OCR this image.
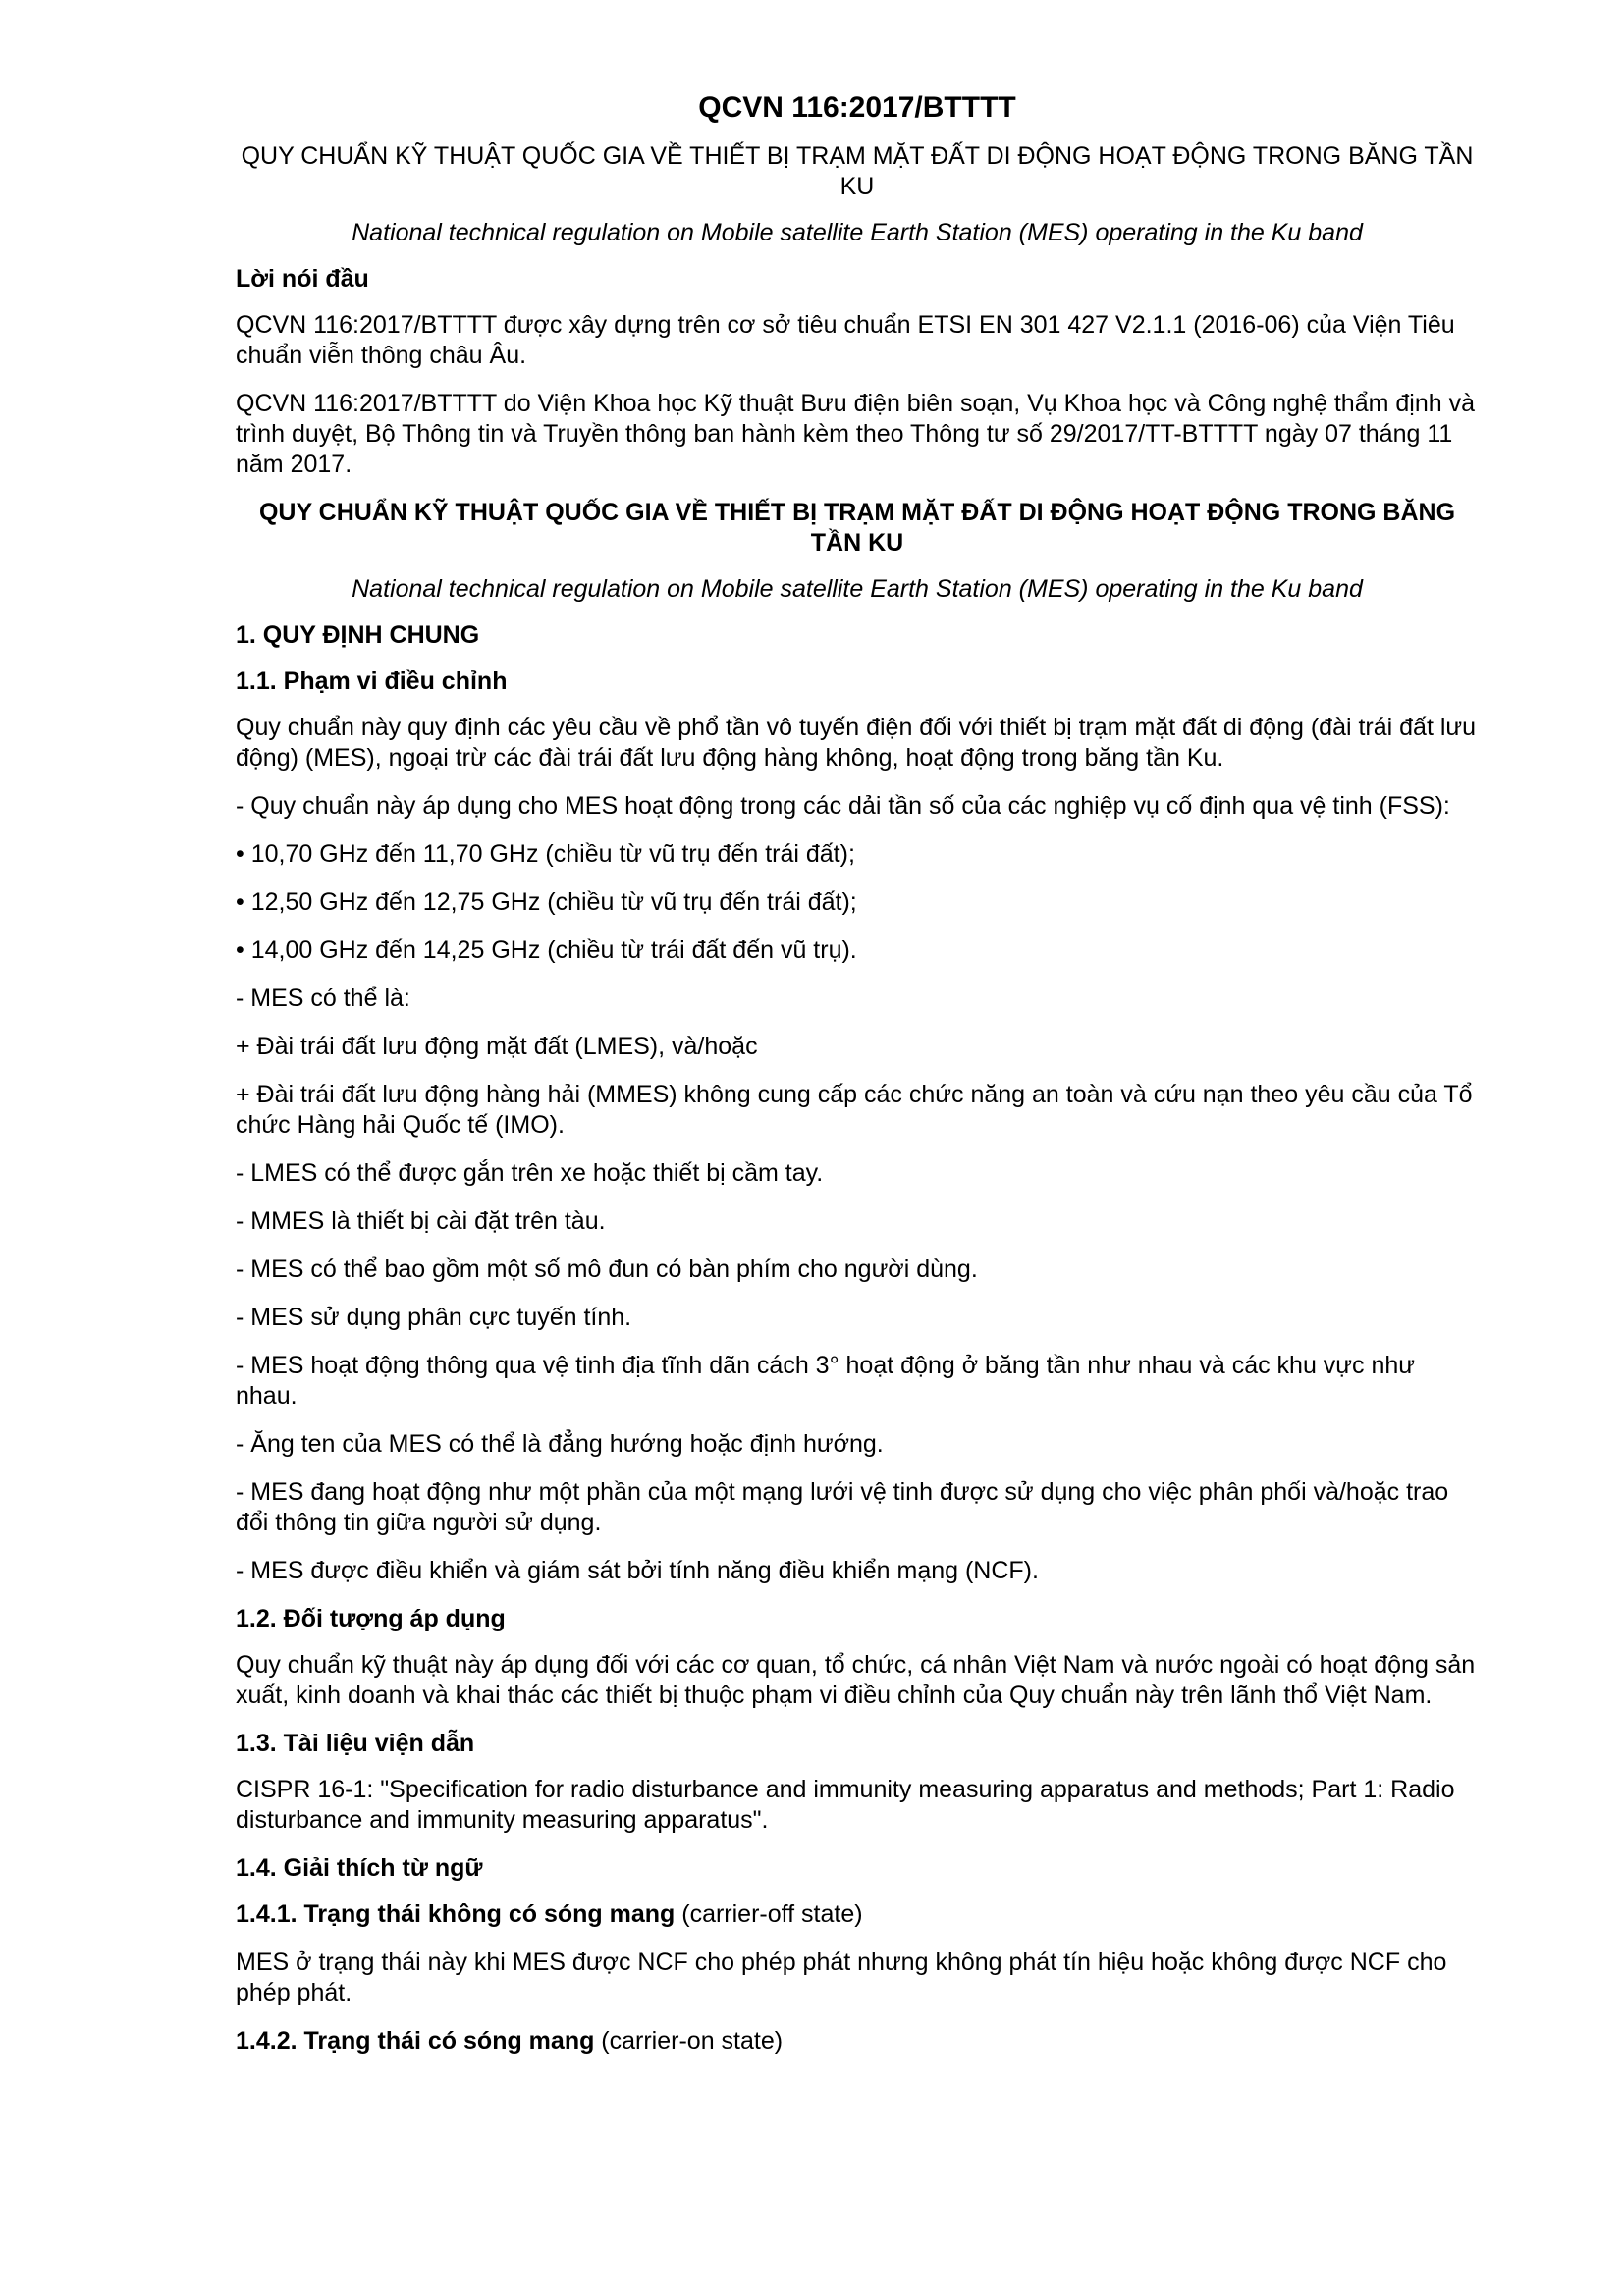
QCVN 116:2017/BTTTT
QUY CHUẨN KỸ THUẬT QUỐC GIA VỀ THIẾT BỊ TRẠM MẶT ĐẤT DI ĐỘNG HOẠT ĐỘNG TRONG BĂNG TẦN KU
National technical regulation on Mobile satellite Earth Station (MES) operating in the Ku band
Lời nói đầu

QCVN 116:2017/BTTTT được xây dựng trên cơ sở tiêu chuẩn ETSI EN 301 427 V2.1.1 (2016-06) của Viện Tiêu chuẩn viễn thông châu Âu.

QCVN 116:2017/BTTTT do Viện Khoa học Kỹ thuật Bưu điện biên soạn, Vụ Khoa học và Công nghệ thẩm định và trình duyệt, Bộ Thông tin và Truyền thông ban hành kèm theo Thông tư số 29/2017/TT-BTTTT ngày 07 tháng 11 năm 2017.

QUY CHUẨN KỸ THUẬT QUỐC GIA VỀ THIẾT BỊ TRẠM MẶT ĐẤT DI ĐỘNG HOẠT ĐỘNG TRONG BĂNG TẦN KU
National technical regulation on Mobile satellite Earth Station (MES) operating in the Ku band
1. QUY ĐỊNH CHUNG
1.1. Phạm vi điều chỉnh

Quy chuẩn này quy định các yêu cầu về phổ tần vô tuyến điện đối với thiết bị trạm mặt đất di động (đài trái đất lưu động) (MES), ngoại trừ các đài trái đất lưu động hàng không, hoạt động trong băng tần Ku.

- Quy chuẩn này áp dụng cho MES hoạt động trong các dải tần số của các nghiệp vụ cố định qua vệ tinh (FSS):

• 10,70 GHz đến 11,70 GHz (chiều từ vũ trụ đến trái đất);

• 12,50 GHz đến 12,75 GHz (chiều từ vũ trụ đến trái đất);

• 14,00 GHz đến 14,25 GHz (chiều từ trái đất đến vũ trụ).

- MES có thể là:

+ Đài trái đất lưu động mặt đất (LMES), và/hoặc

+ Đài trái đất lưu động hàng hải (MMES) không cung cấp các chức năng an toàn và cứu nạn theo yêu cầu của Tổ chức Hàng hải Quốc tế (IMO).

- LMES có thể được gắn trên xe hoặc thiết bị cầm tay.

- MMES là thiết bị cài đặt trên tàu.

- MES có thể bao gồm một số mô đun có bàn phím cho người dùng.

- MES sử dụng phân cực tuyến tính.

- MES hoạt động thông qua vệ tinh địa tĩnh dãn cách 3° hoạt động ở băng tần như nhau và các khu vực như nhau.

- Ăng ten của MES có thể là đẳng hướng hoặc định hướng.

- MES đang hoạt động như một phần của một mạng lưới vệ tinh được sử dụng cho việc phân phối và/hoặc trao đổi thông tin giữa người sử dụng.

- MES được điều khiển và giám sát bởi tính năng điều khiển mạng (NCF).

1.2. Đối tượng áp dụng

Quy chuẩn kỹ thuật này áp dụng đối với các cơ quan, tổ chức, cá nhân Việt Nam và nước ngoài có hoạt động sản xuất, kinh doanh và khai thác các thiết bị thuộc phạm vi điều chỉnh của Quy chuẩn này trên lãnh thổ Việt Nam.

1.3. Tài liệu viện dẫn

CISPR 16-1: "Specification for radio disturbance and immunity measuring apparatus and methods; Part 1: Radio disturbance and immunity measuring apparatus".

1.4. Giải thích từ ngữ

1.4.1. Trạng thái không có sóng mang (carrier-off state)

MES ở trạng thái này khi MES được NCF cho phép phát nhưng không phát tín hiệu hoặc không được NCF cho phép phát.

1.4.2. Trạng thái có sóng mang (carrier-on state)
